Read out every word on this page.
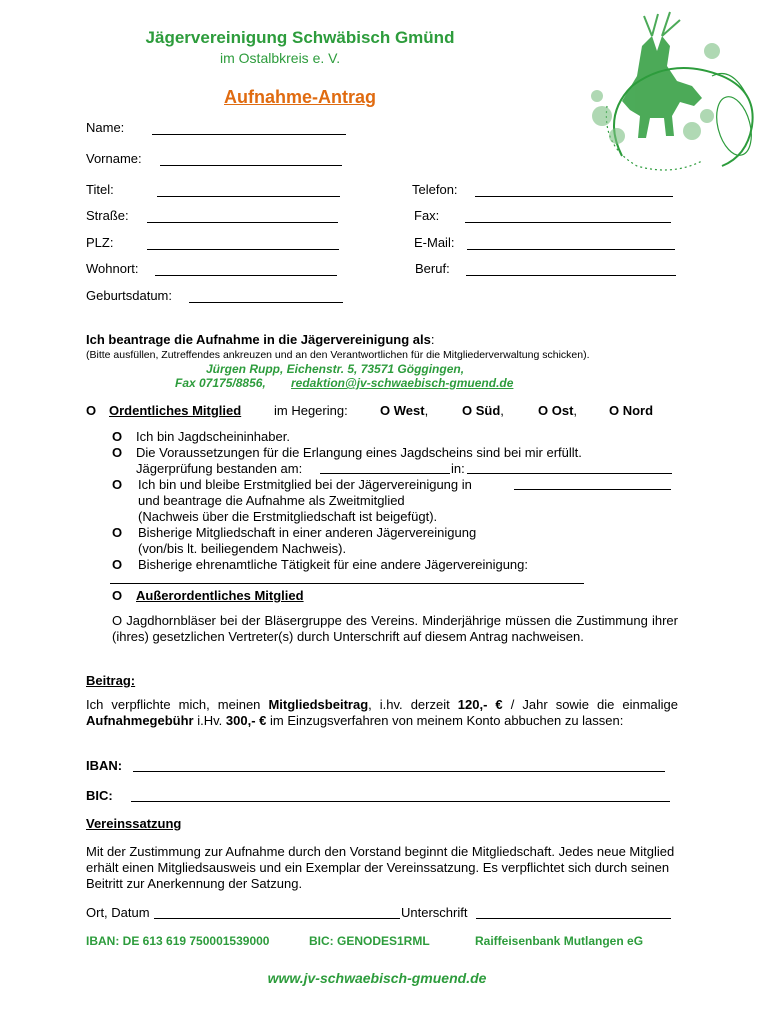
Jägervereinigung Schwäbisch Gmünd
im Ostalbkreis e. V.
Aufnahme-Antrag
Name:
Vorname:
Titel:	Telefon:
Straße:	Fax:
PLZ:	E-Mail:
Wohnort:	Beruf:
Geburtsdatum:
Ich beantrage die Aufnahme in die Jägervereinigung als:
(Bitte ausfüllen, Zutreffendes ankreuzen und an den Verantwortlichen für die Mitgliederverwaltung schicken).
Jürgen Rupp, Eichenstr. 5, 73571 Göggingen,
Fax 07175/8856, redaktion@jv-schwaebisch-gmuend.de
O Ordentliches Mitglied	im Hegering: O West,	O Süd,	O Ost, O Nord
O Ich bin Jagdscheininhaber.
O Die Voraussetzungen für die Erlangung eines Jagdscheins sind bei mir erfüllt.
Jägerprüfung bestanden am:	in:
O Ich bin und bleibe Erstmitglied bei der Jägervereinigung in
und beantrage die Aufnahme als Zweitmitglied
(Nachweis über die Erstmitgliedschaft ist beigefügt).
O Bisherige Mitgliedschaft in einer anderen Jägervereinigung
(von/bis lt. beiliegendem Nachweis).
O Bisherige ehrenamtliche Tätigkeit für eine andere Jägervereinigung:
O Außerordentliches Mitglied
O Jagdhornbläser bei der Bläsergruppe des Vereins. Minderjährige müssen die Zustimmung ihrer (ihres) gesetzlichen Vertreter(s) durch Unterschrift auf diesem Antrag nachweisen.
Beitrag:
Ich verpflichte mich, meinen Mitgliedsbeitrag, i.hv. derzeit 120,- € / Jahr sowie die einmalige Aufnahmegebühr i.Hv. 300,- € im Einzugsverfahren von meinem Konto abbuchen zu lassen:
IBAN:
BIC:
Vereinssatzung
Mit der Zustimmung zur Aufnahme durch den Vorstand beginnt die Mitgliedschaft. Jedes neue Mitglied erhält einen Mitgliedsausweis und ein Exemplar der Vereinssatzung. Es verpflichtet sich durch seinen Beitritt zur Anerkennung der Satzung.
Ort, Datum	Unterschrift
IBAN: DE 613 619 750001539000	BIC: GENODES1RML	Raiffeisenbank Mutlangen eG
www.jv-schwaebisch-gmuend.de
